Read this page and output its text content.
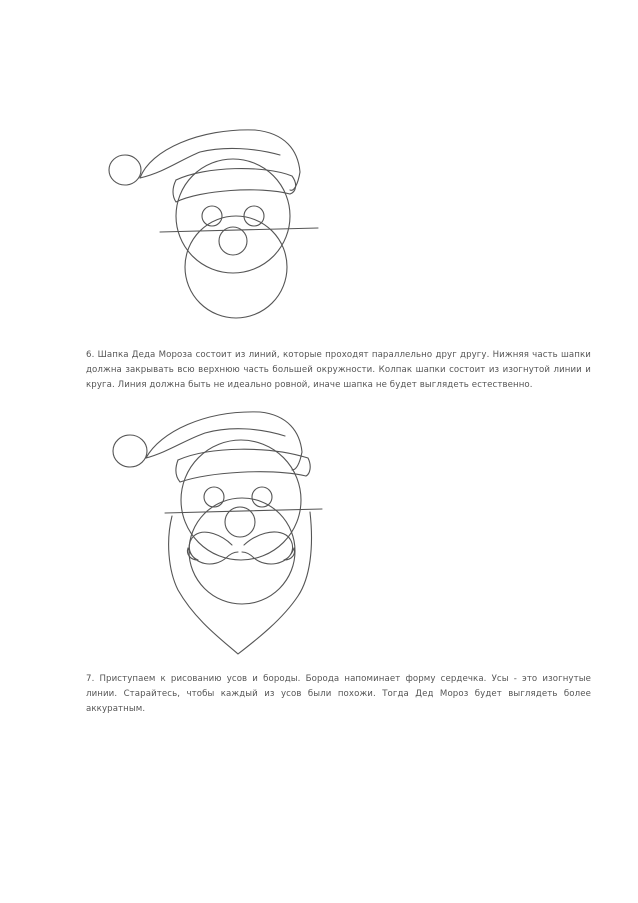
6. Шапка Деда Мороза состоит из линий, которые проходят параллельно друг другу. Нижняя часть шапки должна закрывать всю верхнюю часть большей окружности. Колпак шапки состоит из изогнутой линии и круга. Линия должна быть не идеально ровной, иначе шапка не будет выглядеть естественно.
7. Приступаем к рисованию усов и бороды. Борода напоминает форму сердечка. Усы - это изогнутые линии. Старайтесь, чтобы каждый из усов были похожи. Тогда Дед Мороз будет выглядеть более аккуратным.
